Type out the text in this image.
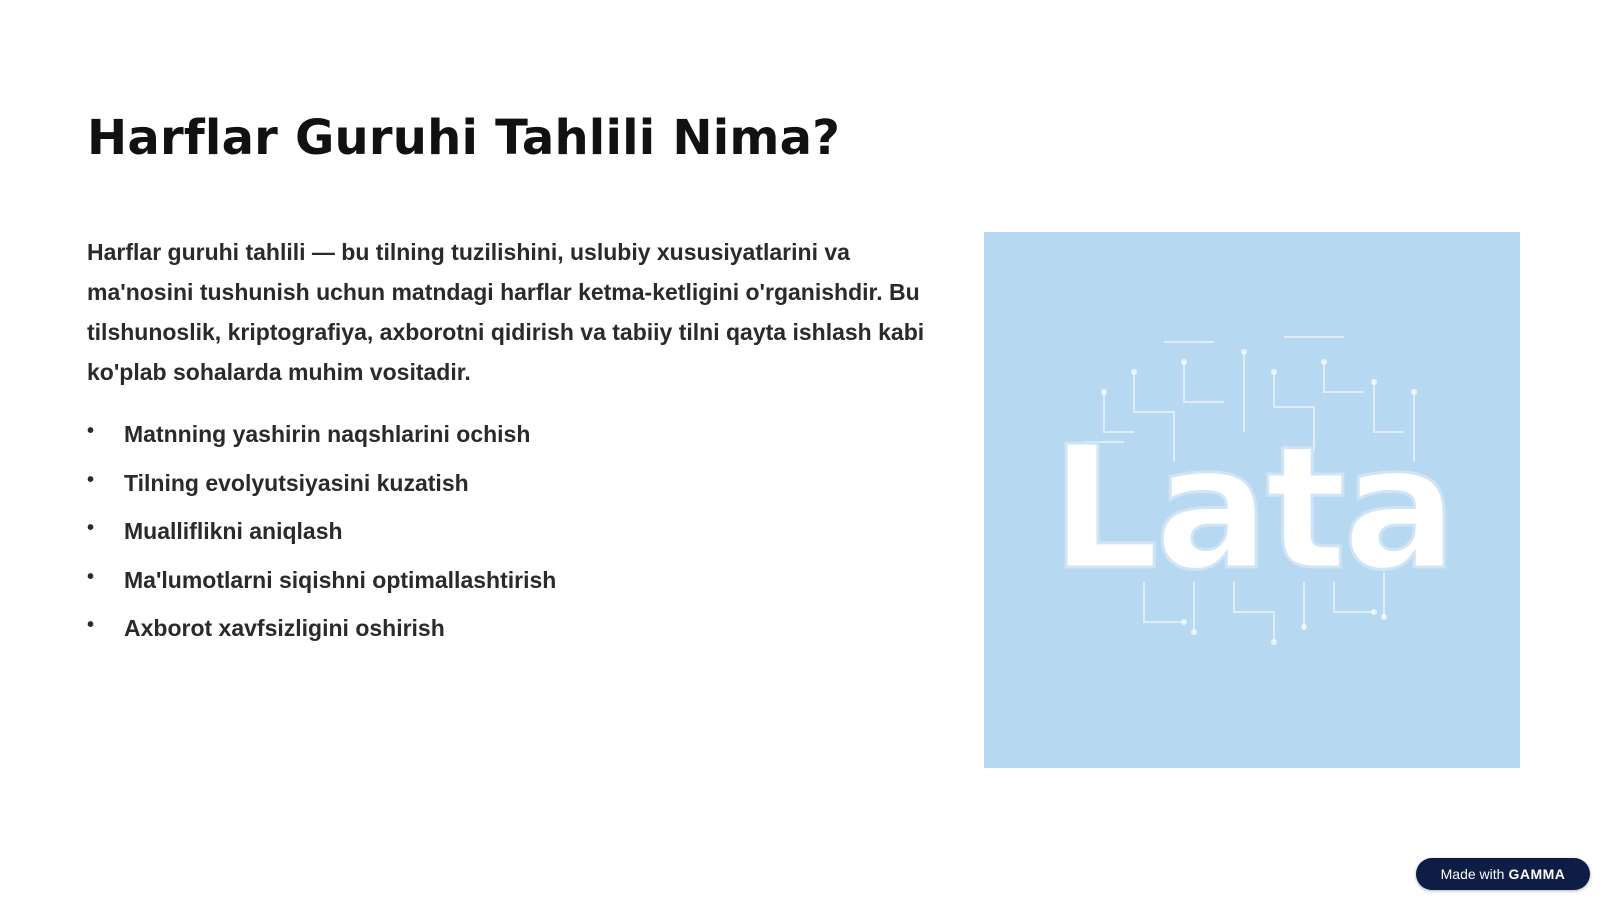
Harflar Guruhi Tahlili Nima?

Harflar guruhi tahlili — bu tilning tuzilishini, uslubiy xususiyatlarini va ma'nosini tushunish uchun matndagi harflar ketma-ketligini o'rganishdir. Bu tilshunoslik, kriptografiya, axborotni qidirish va tabiiy tilni qayta ishlash kabi ko'plab sohalarda muhim vositadir.

• Matnning yashirin naqshlarini ochish
• Tilning evolyutsiyasini kuzatish
• Mualliflikni aniqlash
• Ma'lumotlarni siqishni optimallashtirish
• Axborot xavfsizligini oshirish
Lata
Made with GAMMA
